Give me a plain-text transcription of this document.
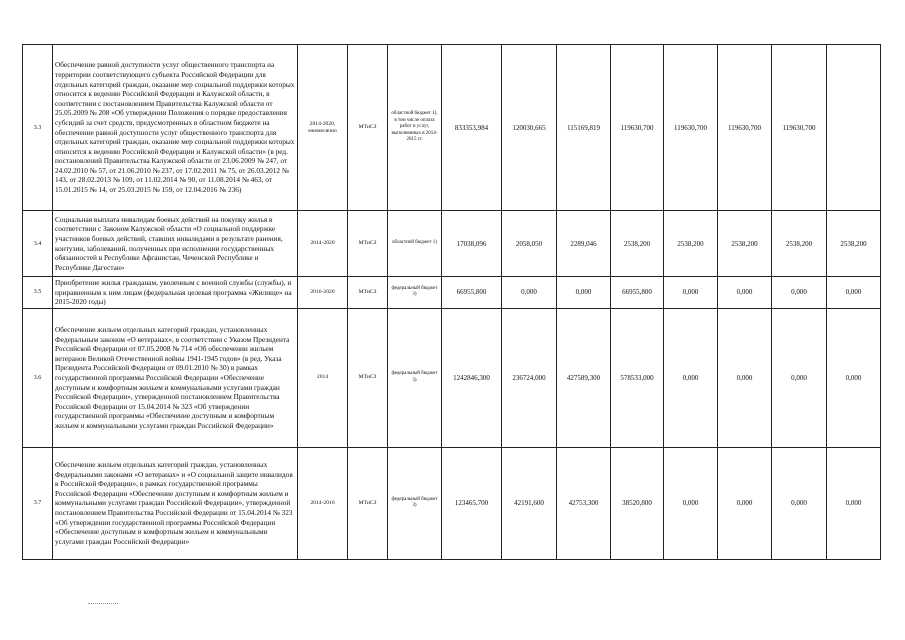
3.3	Обеспечение равной доступности услуг общественного транспорта на территории соответствующего субъекта Российской Федерации для отдельных категорий граждан, оказание мер социальной поддержки которых относится к ведению Российской Федерации и Калужской области, в соответствии с постановлением Правительства Калужской области от 25.05.2009 № 208 «Об утверждении Положения о порядке предоставления субсидий за счет средств, предусмотренных в областном бюджете на обеспечение равной доступности услуг общественного транспорта для отдельных категорий граждан, оказание мер социальной поддержки которых относится к ведению Российской Федерации и Калужской области» (в ред. постановлений Правительства Калужской области от 23.06.2009 № 247, от 24.02.2010 № 57, от 21.06.2010 № 237, от 17.02.2011 № 75, от 26.03.2012 № 143, от 28.02.2013 № 109, от 11.02.2014 № 90, от 11.08.2014 № 463, от 15.01.2015 № 14, от 25.03.2015 № 159, от 12.04.2016 № 236)	2014-2020, ежемесячно	МТиСЗ	областной бюджет 1), в том числе оплата работ и услуг, выполненных в 2014-2015 гг.	833353,984	120030,665	115169,819	119630,700	119630,700	119630,700	119630,700	
3.4	Социальная выплата инвалидам боевых действий на покупку жилья в соответствии с Законом Калужской области «О социальной поддержке участников боевых действий, ставших инвалидами в результате ранения, контузии, заболеваний, полученных при исполнении государственных обязанностей в Республике Афганистан, Чеченской Республике и Республике Дагестан»	2014-2020	МТиСЗ	областной бюджет 1)	17038,096	2058,050	2289,046	2538,200	2538,200	2538,200	2538,200	2538,200
3.5	Приобретение жилья гражданам, уволенным с военной службы (службы), и приравненным к ним лицам (федеральная целевая программа «Жилище» на 2015-2020 годы)	2016-2020	МТиСЗ	федеральный бюджет 3)	66955,800	0,000	0,000	66955,800	0,000	0,000	0,000	0,000
3.6	Обеспечение жильем отдельных категорий граждан, установленных Федеральным законом «О ветеранах», в соответствии с Указом Президента Российской Федерации от 07.05.2008 № 714 «Об обеспечении жильем ветеранов Великой Отечественной войны 1941-1945 годов» (в ред. Указа Президента Российской Федерации от 09.01.2010 № 30) в рамках государственной программы Российской Федерации «Обеспечение доступным и комфортным жильем и коммунальными услугами граждан Российской Федерации», утвержденной постановлением Правительства Российской Федерации от 15.04.2014 № 323 «Об утверждении государственной программы «Обеспечение доступным и комфортным жильем и коммунальными услугами граждан Российской Федерации»	2014	МТиСЗ	федеральный бюджет 3)	1242846,300	236724,000	427589,300	578533,000	0,000	0,000	0,000	0,000
3.7	Обеспечение жильем отдельных категорий граждан, установленных Федеральными законами «О ветеранах» и «О социальной защите инвалидов в Российской Федерации», в рамках государственной программы Российской Федерации «Обеспечение доступным и комфортным жильем и коммунальными услугами граждан Российской Федерации», утвержденной постановлением Правительства Российской Федерации от 15.04.2014 № 323 «Об утверждении государственной программы Российской Федерации «Обеспечение доступным и комфортным жильем и коммунальными услугами граждан Российской Федерации»	2014-2016	МТиСЗ	федеральный бюджет 3)	123465,700	42191,600	42753,300	38520,800	0,000	0,000	0,000	0,000
